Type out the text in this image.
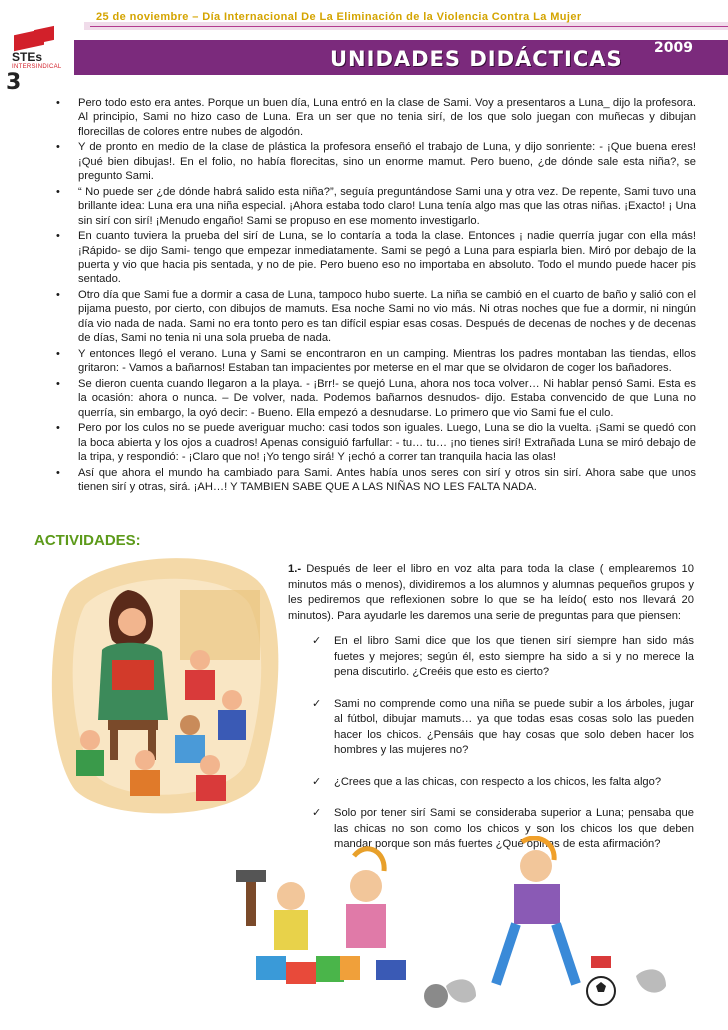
STEs
INTERSINDICAL
3
25 de noviembre – Día Internacional De La Eliminación de la Violencia Contra La Mujer
UNIDADES DIDÁCTICAS 2009
• Pero todo esto era antes. Porque un buen día, Luna entró en la clase de Sami. Voy a presentaros a Luna_ dijo la profesora. Al principio, Sami no hizo caso de Luna. Era un ser que no tenia sirí, de los que solo juegan con muñecas y dibujan florecillas de colores entre nubes de algodón.
• Y de pronto en medio de la clase de plástica la profesora enseñó el trabajo de Luna, y dijo sonriente: - ¡Que buena eres! ¡Qué bien dibujas!. En el folio, no había florecitas, sino un enorme mamut. Pero bueno, ¿de dónde sale esta niña?, se pregunto Sami.
• “ No puede ser ¿de dónde habrá salido esta niña?”, seguía preguntándose Sami una y otra vez. De repente, Sami tuvo una brillante idea: Luna era una niña especial. ¡Ahora estaba todo claro! Luna tenía algo mas que las otras niñas. ¡Exacto! ¡ Una sin sirí con sirí! ¡Menudo engaño! Sami se propuso en ese momento investigarlo.
• En cuanto tuviera la prueba del sirí de Luna, se lo contaría a toda la clase. Entonces ¡ nadie querría jugar con ella más! ¡Rápido- se dijo Sami- tengo que empezar inmediatamente. Sami se pegó a Luna para espiarla bien. Miró por debajo de la puerta y vio que hacia pis sentada, y no de pie. Pero bueno eso no importaba en absoluto. Todo el mundo puede hacer pis sentado.
• Otro día que Sami fue a dormir a casa de Luna, tampoco hubo suerte. La niña se cambió en el cuarto de baño y salió con el pijama puesto, por cierto, con dibujos de mamuts. Esa noche Sami no vio más. Ni otras noches que fue a dormir, ni ningún día vio nada de nada. Sami no era tonto pero es tan difícil espiar esas cosas. Después de decenas de noches y de decenas de días, Sami no tenia ni una sola prueba de nada.
• Y entonces llegó el verano. Luna y Sami se encontraron en un camping. Mientras los padres montaban las tiendas, ellos gritaron: - Vamos a bañarnos! Estaban tan impacientes por meterse en el mar que se olvidaron de coger los bañadores.
• Se dieron cuenta cuando llegaron a la playa. - ¡Brr!- se quejó Luna, ahora nos toca volver… Ni hablar pensó Sami. Esta es la ocasión: ahora o nunca. – De volver, nada. Podemos bañarnos desnudos- dijo. Estaba convencido de que Luna no querría, sin embargo, la oyó decir: - Bueno. Ella empezó a desnudarse. Lo primero que vio Sami fue el culo.
• Pero por los culos no se puede averiguar mucho: casi todos son iguales. Luego, Luna se dio la vuelta. ¡Sami se quedó con la boca abierta y los ojos a cuadros! Apenas consiguió farfullar: - tu… tu… ¡no tienes sirí! Extrañada Luna se miró debajo de la tripa, y respondió: - ¡Claro que no! ¡Yo tengo sirá! Y ¡echó a correr tan tranquila hacia las olas!
• Así que ahora el mundo ha cambiado para Sami. Antes había unos seres con sirí y otros sin sirí. Ahora sabe que unos tienen sirí y otras, sirá. ¡AH…! Y TAMBIEN SABE QUE A LAS NIÑAS NO LES FALTA NADA.
ACTIVIDADES:
1.- Después de leer el libro en voz alta para toda la clase ( emplearemos 10 minutos más o menos), dividiremos a los alumnos y alumnas pequeños grupos y les pediremos que reflexionen sobre lo que se ha leído( esto nos llevará 20 minutos). Para ayudarle les daremos una serie de preguntas para que piensen:
✓ En el libro Sami dice que los que tienen sirí siempre han sido más fuetes y mejores; según él, esto siempre ha sido a si y no merece la pena discutirlo. ¿Creéis que esto es cierto?
✓ Sami no comprende como una niña se puede subir a los árboles, jugar al fútbol, dibujar mamuts… ya que todas esas cosas solo las pueden hacer los chicos. ¿Pensáis que hay cosas que solo deben hacer los hombres y las mujeres no?
✓ ¿Crees que a las chicas, con respecto a los chicos, les falta algo?
✓ Solo por tener sirí Sami se consideraba superior a Luna; pensaba que las chicas no son como los chicos y son los chicos los que deben mandar porque son más fuertes ¿Qué opinas de esta afirmación?
